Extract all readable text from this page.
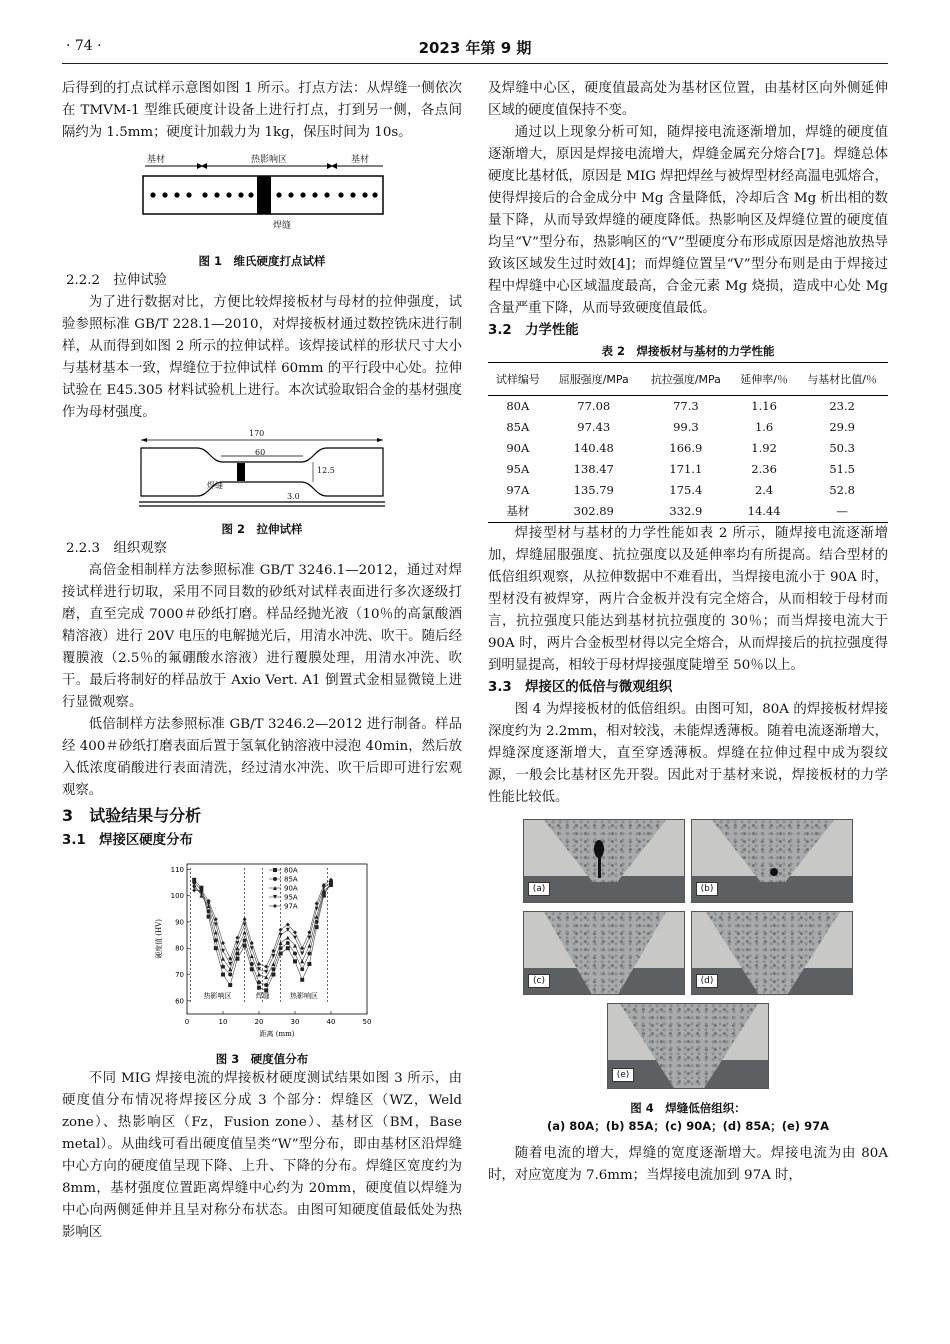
· 74 ·	2023 年第 9 期

后得到的打点试样示意图如图 1 所示。打点方法：从焊缝一侧依次在 TMVM-1 型维氏硬度计设备上进行打点，打到另一侧，各点间隔约为 1.5mm；硬度计加载力为 1kg，保压时间为 10s。

基材	热影响区	基材
焊缝
图 1　维氏硬度打点试样
2.2.2　拉伸试验

为了进行数据对比，方便比较焊接板材与母材的拉伸强度，试验参照标准 GB/T 228.1—2010，对焊接板材通过数控铣床进行制样，从而得到如图 2 所示的拉伸试样。该焊接试样的形状尺寸大小与基材基本一致，焊缝位于拉伸试样 60mm 的平行段中心处。拉伸试验在 E45.305 材料试验机上进行。本次试验取铝合金的基材强度作为母材强度。

170
60
12.5
3.0
焊缝
图 2　拉伸试样
2.2.3　组织观察

高倍金相制样方法参照标准 GB/T 3246.1—2012，通过对焊接试样进行切取，采用不同目数的砂纸对试样表面进行多次逐级打磨，直至完成 7000＃砂纸打磨。样品经抛光液（10％的高氯酸酒精溶液）进行 20V 电压的电解抛光后，用清水冲洗、吹干。随后经覆膜液（2.5％的氟硼酸水溶液）进行覆膜处理，用清水冲洗、吹干。最后将制好的样品放于 Axio Vert. A1 倒置式金相显微镜上进行显微观察。

低倍制样方法参照标准 GB/T 3246.2—2012 进行制备。样品经 400＃砂纸打磨表面后置于氢氧化钠溶液中浸泡 40min，然后放入低浓度硝酸进行表面清洗，经过清水冲洗、吹干后即可进行宏观观察。

3　试验结果与分析
3.1　焊接区硬度分布
0	10	20	30	40	50
60
70
80
90
100
110
距离 (mm)
硬度值 (HV)
热影响区	焊缝	热影响区
80A
85A
90A
95A
97A
图 3　硬度值分布

不同 MIG 焊接电流的焊接板材硬度测试结果如图 3 所示，由硬度值分布情况将焊接区分成 3 个部分：焊缝区（WZ，Weld zone）、热影响区（Fz，Fusion zone）、基材区（BM，Base metal）。从曲线可看出硬度值呈类“W”型分布，即由基材区沿焊缝中心方向的硬度值呈现下降、上升、下降的分布。焊缝区宽度约为 8mm，基材强度位置距离焊缝中心约为 20mm，硬度值以焊缝为中心向两侧延伸并且呈对称分布状态。由图可知硬度值最低处为热影响区

及焊缝中心区，硬度值最高处为基材区位置，由基材区向外侧延伸区域的硬度值保持不变。

通过以上现象分析可知，随焊接电流逐渐增加，焊缝的硬度值逐渐增大，原因是焊接电流增大，焊缝金属充分熔合[7]。焊缝总体硬度比基材低，原因是 MIG 焊把焊丝与被焊型材经高温电弧熔合，使得焊接后的合金成分中 Mg 含量降低，冷却后含 Mg 析出相的数量下降，从而导致焊缝的硬度降低。热影响区及焊缝位置的硬度值均呈“V”型分布，热影响区的“V”型硬度分布形成原因是熔池放热导致该区域发生过时效[4]；而焊缝位置呈“V”型分布则是由于焊接过程中焊缝中心区域温度最高，合金元素 Mg 烧损，造成中心处 Mg 含量严重下降，从而导致硬度值最低。

3.2　力学性能
表 2　焊接板材与基材的力学性能
试样编号	屈服强度/MPa	抗拉强度/MPa	延伸率/％	与基材比值/％
80A	77.08	77.3	1.16	23.2
85A	97.43	99.3	1.6	29.9
90A	140.48	166.9	1.92	50.3
95A	138.47	171.1	2.36	51.5
97A	135.79	175.4	2.4	52.8
基材	302.89	332.9	14.44	—

焊接型材与基材的力学性能如表 2 所示，随焊接电流逐渐增加，焊缝屈服强度、抗拉强度以及延伸率均有所提高。结合型材的低倍组织观察，从拉伸数据中不难看出，当焊接电流小于 90A 时，型材没有被焊穿，两片合金板并没有完全熔合，从而相较于母材而言，抗拉强度只能达到基材抗拉强度的 30％；而当焊接电流大于 90A 时，两片合金板型材得以完全熔合，从而焊接后的抗拉强度得到明显提高，相较于母材焊接强度陡增至 50％以上。

3.3　焊接区的低倍与微观组织

图 4 为焊接板材的低倍组织。由图可知，80A 的焊接板材焊接深度约为 2.2mm，相对较浅，未能焊透薄板。随着电流逐渐增大，焊缝深度逐渐增大，直至穿透薄板。焊缝在拉伸过程中成为裂纹源，一般会比基材区先开裂。因此对于基材来说，焊接板材的力学性能比较低。

(a)	(b)
(c)	(d)
(e)
图 4　焊缝低倍组织：
(a) 80A；(b) 85A；(c) 90A；(d) 85A；(e) 97A

随着电流的增大，焊缝的宽度逐渐增大。焊接电流为由 80A 时，对应宽度为 7.6mm；当焊接电流加到 97A 时，
